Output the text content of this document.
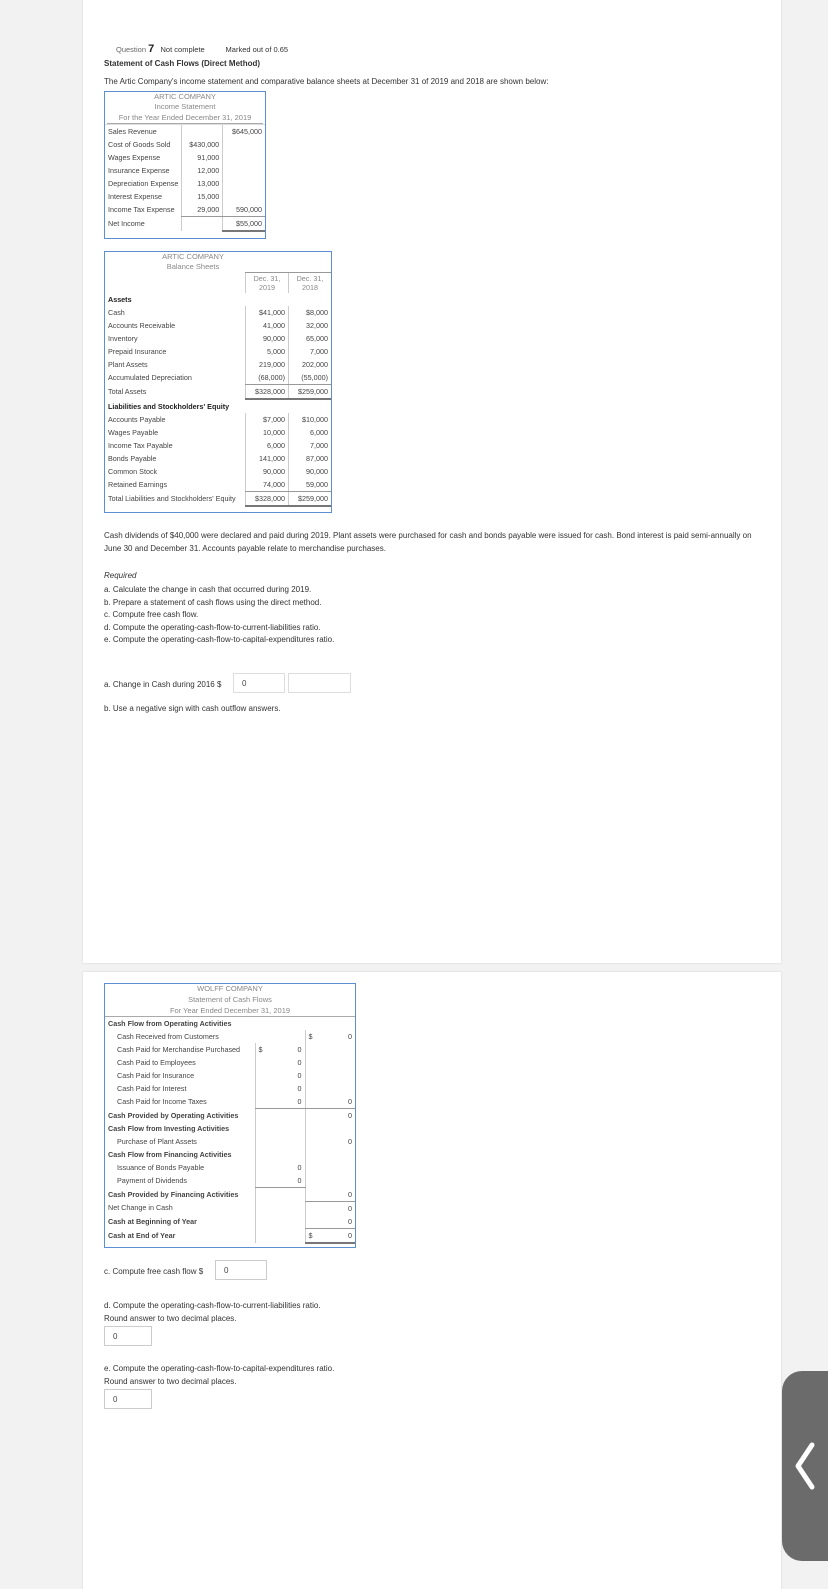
Question 7 Not complete	Marked out of 0.65
Statement of Cash Flows (Direct Method)
The Artic Company's income statement and comparative balance sheets at December 31 of 2019 and 2018 are shown below:
ARTIC COMPANY
Income Statement
For the Year Ended December 31, 2019
Sales Revenue		$645,000
Cost of Goods Sold	$430,000	
Wages Expense	91,000	
Insurance Expense	12,000	
Depreciation Expense	13,000	
Interest Expense	15,000	
Income Tax Expense	29,000	590,000
Net Income		$55,000
ARTIC COMPANY
Balance Sheets
	Dec. 31, 2019	Dec. 31, 2018
Assets		
Cash	$41,000	$8,000
Accounts Receivable	41,000	32,000
Inventory	90,000	65,000
Prepaid Insurance	5,000	7,000
Plant Assets	219,000	202,000
Accumulated Depreciation	(68,000)	(55,000)
Total Assets	$328,000	$259,000
Liabilities and Stockholders' Equity		
Accounts Payable	$7,000	$10,000
Wages Payable	10,000	6,000
Income Tax Payable	6,000	7,000
Bonds Payable	141,000	87,000
Common Stock	90,000	90,000
Retained Earnings	74,000	59,000
Total Liabilities and Stockholders' Equity	$328,000	$259,000
Cash dividends of $40,000 were declared and paid during 2019. Plant assets were purchased for cash and bonds payable were issued for cash. Bond interest is paid semi-annually on June 30 and December 31. Accounts payable relate to merchandise purchases.
Required
a. Calculate the change in cash that occurred during 2019.
b. Prepare a statement of cash flows using the direct method.
c. Compute free cash flow.
d. Compute the operating-cash-flow-to-current-liabilities ratio.
e. Compute the operating-cash-flow-to-capital-expenditures ratio.
a. Change in Cash during 2016 $	0
b. Use a negative sign with cash outflow answers.
WOLFF COMPANY
Statement of Cash Flows
For Year Ended December 31, 2019
Cash Flow from Operating Activities		
Cash Received from Customers		$ 0
Cash Paid for Merchandise Purchased	$ 0	
Cash Paid to Employees	0	
Cash Paid for Insurance	0	
Cash Paid for Interest	0	
Cash Paid for Income Taxes	0	0
Cash Provided by Operating Activities		0
Cash Flow from Investing Activities		
Purchase of Plant Assets		0
Cash Flow from Financing Activities		
Issuance of Bonds Payable	0	
Payment of Dividends	0	
Cash Provided by Financing Activities		0
Net Change in Cash		0
Cash at Beginning of Year		0
Cash at End of Year		$ 0
c. Compute free cash flow $	0
d. Compute the operating-cash-flow-to-current-liabilities ratio.
Round answer to two decimal places.
0
e. Compute the operating-cash-flow-to-capital-expenditures ratio.
Round answer to two decimal places.
0
